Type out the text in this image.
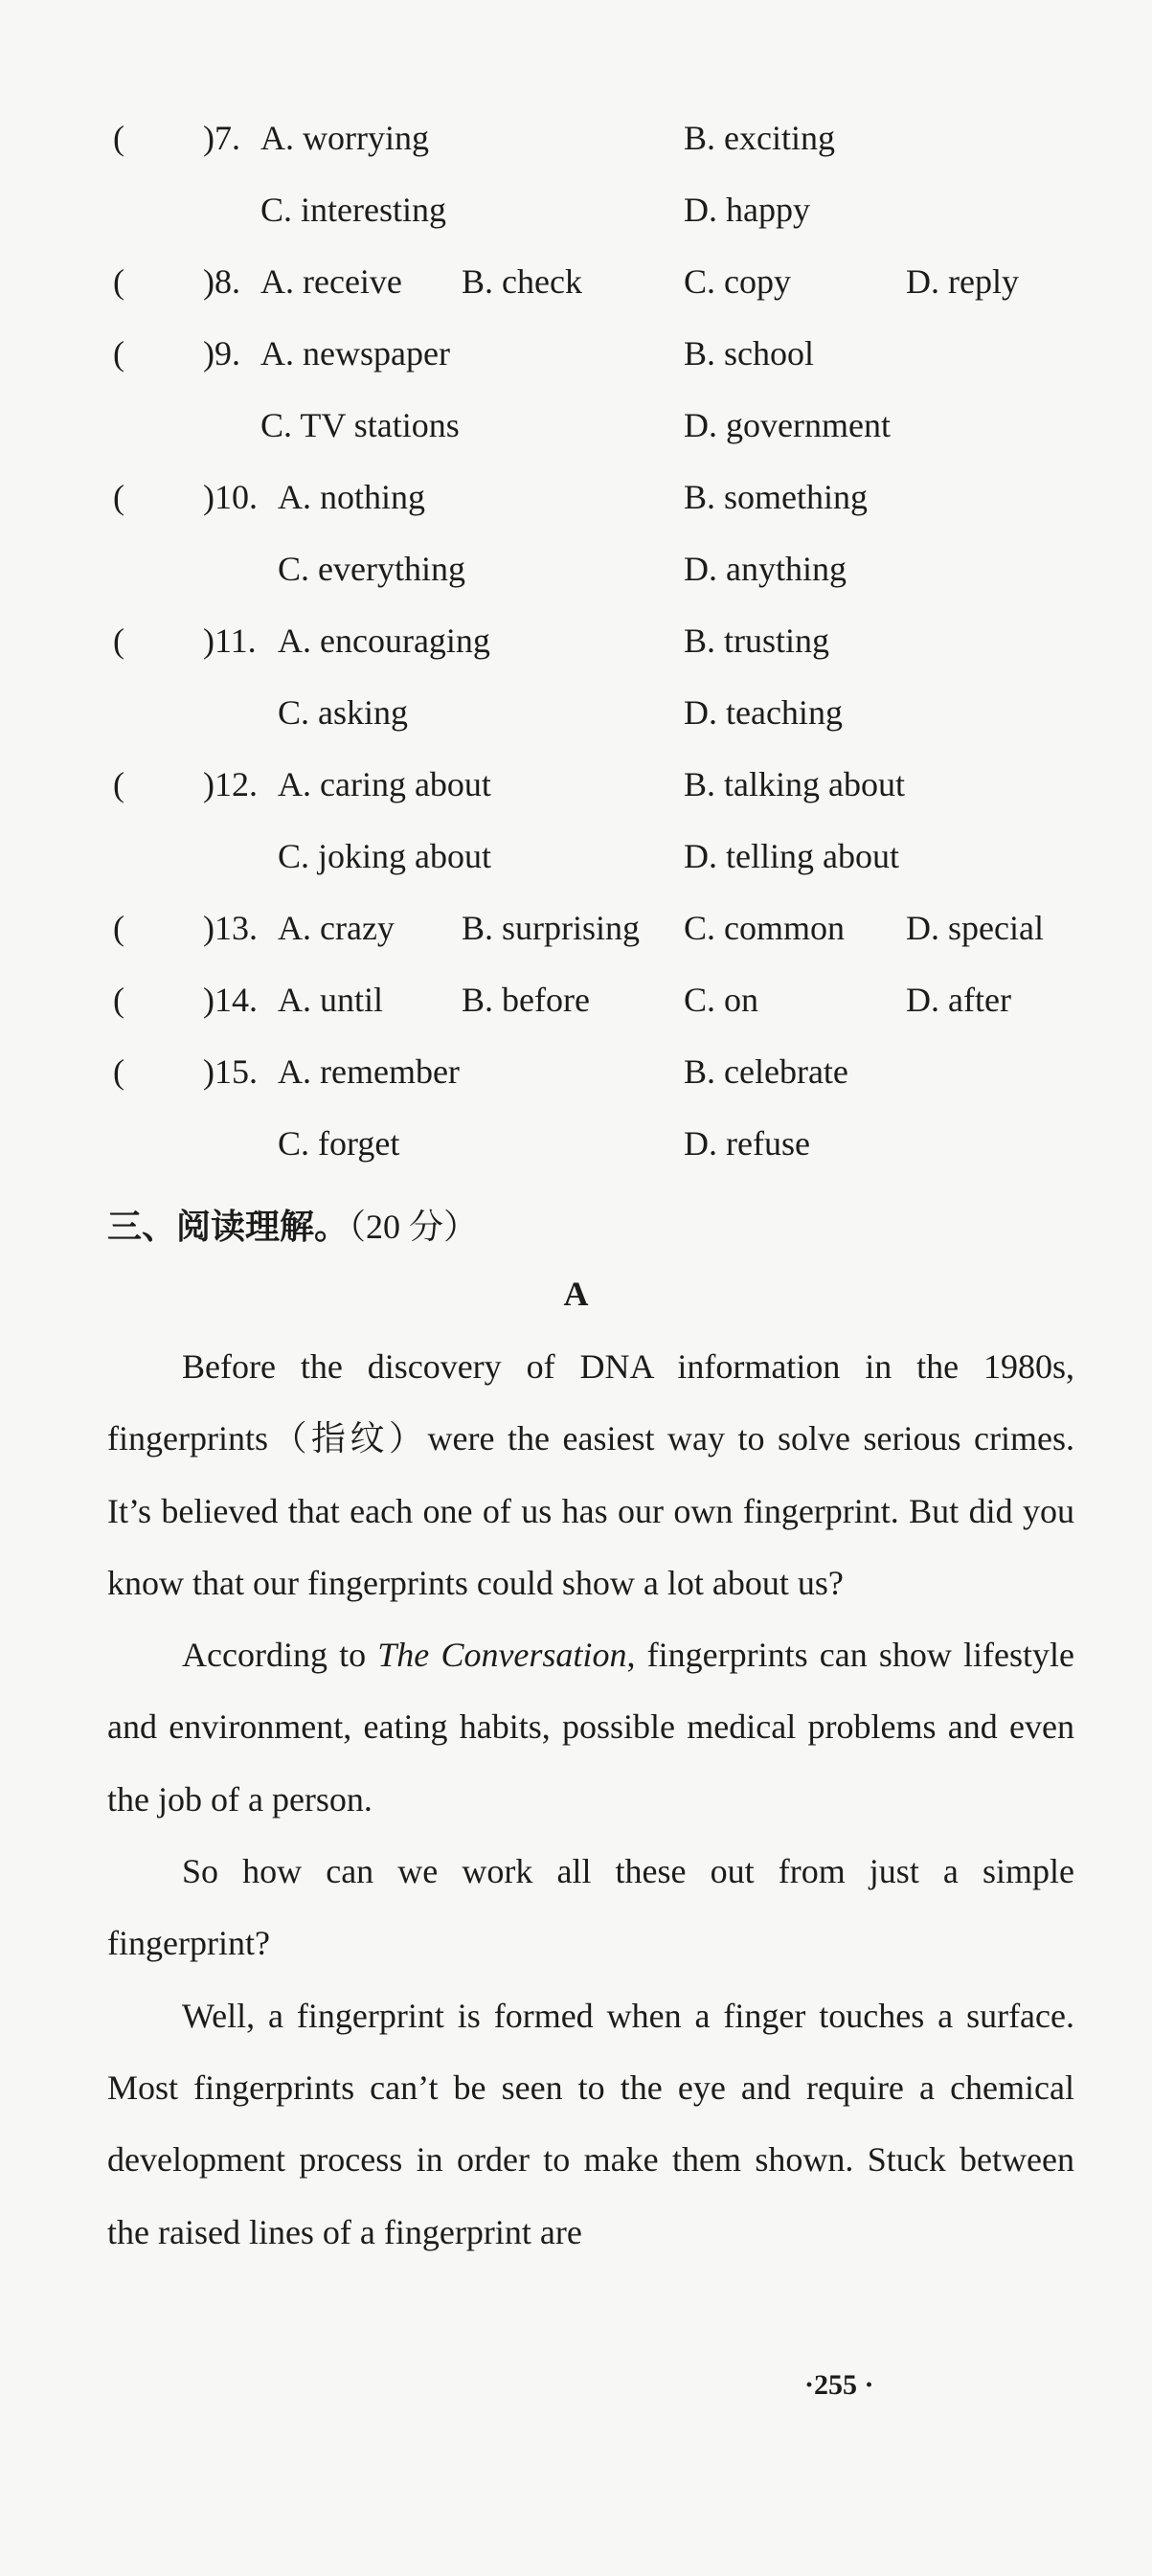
( )7. A. worrying	B. exciting
C. interesting	D. happy
( )8. A. receive B. check	C. copy	D. reply
( )9. A. newspaper	B. school
C. TV stations	D. government
( )10. A. nothing	B. something
C. everything	D. anything
( )11. A. encouraging	B. trusting
C. asking	D. teaching
( )12. A. caring about	B. talking about
C. joking about	D. telling about
( )13. A. crazy B. surprising C. common D. special
( )14. A. until B. before	C. on	D. after
( )15. A. remember	B. celebrate
C. forget	D. refuse
三、阅读理解。（20 分）
A

Before the discovery of DNA information in the 1980s, fingerprints（指纹）were the easiest way to solve serious crimes. It’s believed that each one of us has our own fingerprint. But did you know that our fingerprints could show a lot about us?

According to The Conversation, fingerprints can show lifestyle and environment, eating habits, possible medical problems and even the job of a person.

So how can we work all these out from just a simple fingerprint?

Well, a fingerprint is formed when a finger touches a surface. Most fingerprints can’t be seen to the eye and require a chemical development process in order to make them shown. Stuck between the raised lines of a fingerprint are

·255 ·
